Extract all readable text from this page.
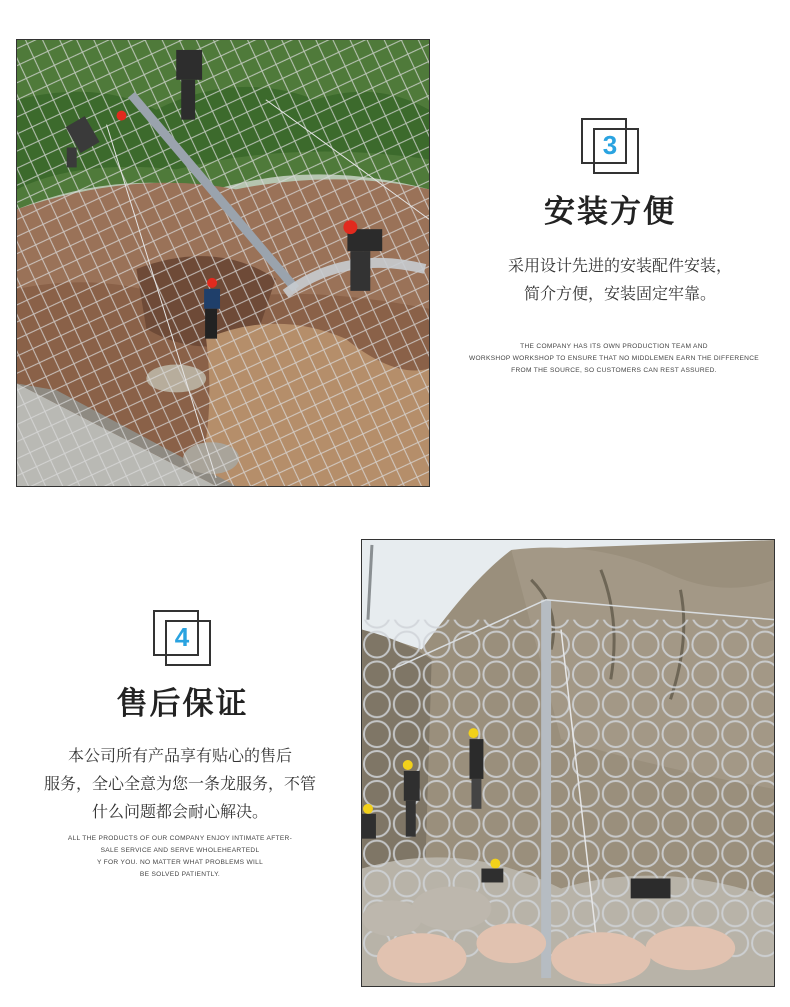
3
安装方便
采用设计先进的安装配件安装，
简介方便，安装固定牢靠。
THE COMPANY HAS ITS OWN PRODUCTION TEAM AND
WORKSHOP WORKSHOP TO ENSURE THAT NO MIDDLEMEN EARN THE DIFFERENCE
FROM THE SOURCE, SO CUSTOMERS CAN REST ASSURED.
4
售后保证
本公司所有产品享有贴心的售后
服务，全心全意为您一条龙服务，不管
什么问题都会耐心解决。
ALL THE PRODUCTS OF OUR COMPANY ENJOY INTIMATE AFTER-
SALE SERVICE AND SERVE WHOLEHEARTEDL
Y FOR YOU. NO MATTER WHAT PROBLEMS WILL
BE SOLVED PATIENTLY.
